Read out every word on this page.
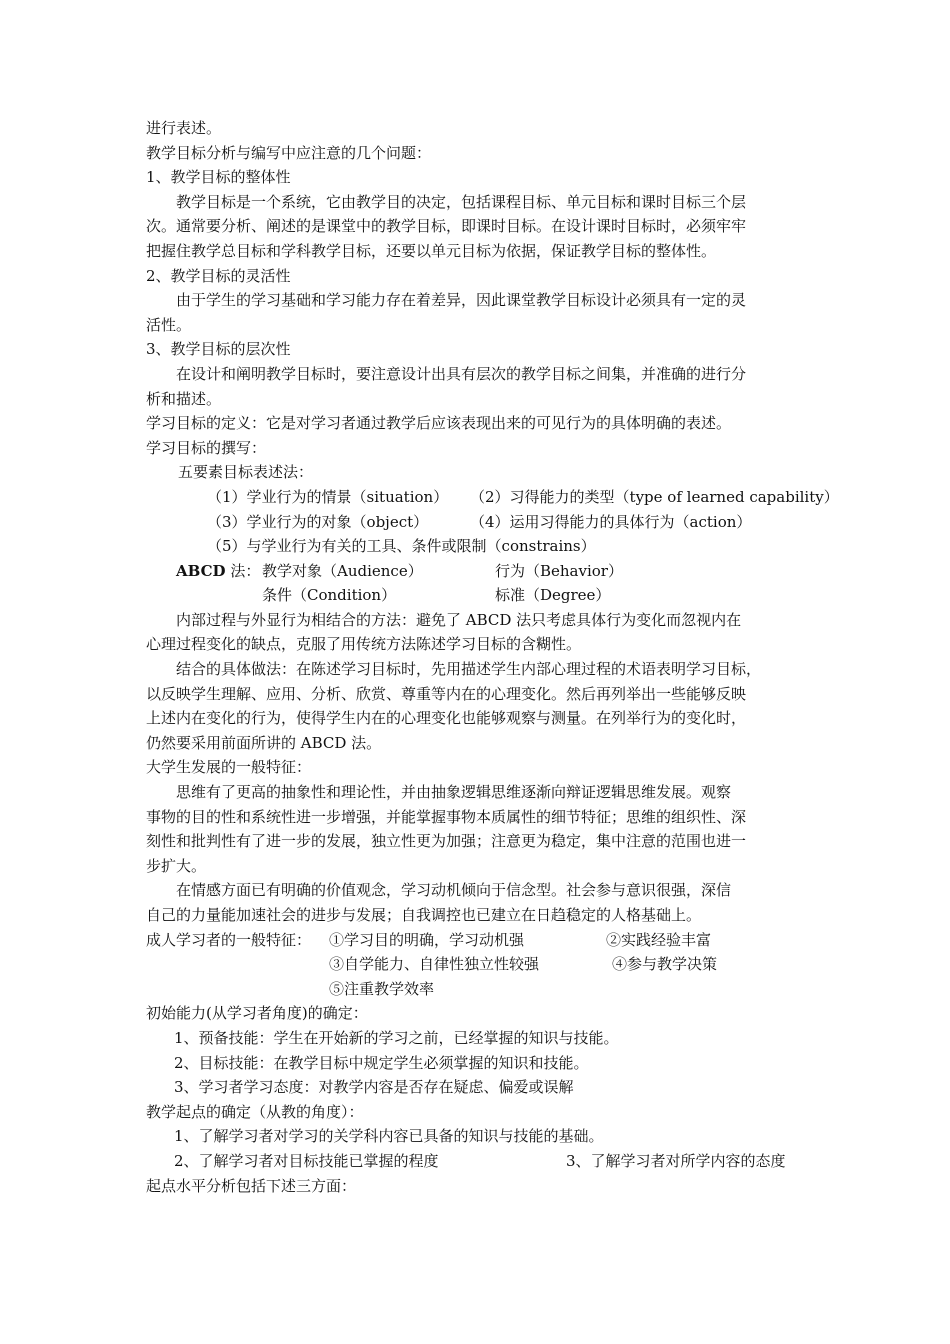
进行表述。
教学目标分析与编写中应注意的几个问题：
1、教学目标的整体性
教学目标是一个系统，它由教学目的决定，包括课程目标、单元目标和课时目标三个层
次。通常要分析、阐述的是课堂中的教学目标，即课时目标。在设计课时目标时，必须牢牢
把握住教学总目标和学科教学目标，还要以单元目标为依据，保证教学目标的整体性。
2、教学目标的灵活性
由于学生的学习基础和学习能力存在着差异，因此课堂教学目标设计必须具有一定的灵
活性。
3、教学目标的层次性
在设计和阐明教学目标时，要注意设计出具有层次的教学目标之间集，并准确的进行分
析和描述。
学习目标的定义：它是对学习者通过教学后应该表现出来的可见行为的具体明确的表述。
学习目标的撰写：
五要素目标表述法：
（1）学业行为的情景（situation） （2）习得能力的类型（type of learned capability）
（3）学业行为的对象（object）	（4）运用习得能力的具体行为（action）
（5）与学业行为有关的工具、条件或限制（constrains）
ABCD 法： 教学对象（Audience）	行为（Behavior）
条件（Condition）	标准（Degree）
内部过程与外显行为相结合的方法：避免了 ABCD 法只考虑具体行为变化而忽视内在
心理过程变化的缺点，克服了用传统方法陈述学习目标的含糊性。
结合的具体做法：在陈述学习目标时，先用描述学生内部心理过程的术语表明学习目标，
以反映学生理解、应用、分析、欣赏、尊重等内在的心理变化。然后再列举出一些能够反映
上述内在变化的行为，使得学生内在的心理变化也能够观察与测量。在列举行为的变化时，
仍然要采用前面所讲的 ABCD 法。
大学生发展的一般特征：
思维有了更高的抽象性和理论性，并由抽象逻辑思维逐渐向辩证逻辑思维发展。观察
事物的目的性和系统性进一步增强，并能掌握事物本质属性的细节特征；思维的组织性、深
刻性和批判性有了进一步的发展，独立性更为加强；注意更为稳定，集中注意的范围也进一
步扩大。
在情感方面已有明确的价值观念，学习动机倾向于信念型。社会参与意识很强，深信
自己的力量能加速社会的进步与发展；自我调控也已建立在日趋稳定的人格基础上。
成人学习者的一般特征： ①学习目的明确，学习动机强	②实践经验丰富
③自学能力、自律性独立性较强	④参与教学决策
⑤注重教学效率
初始能力(从学习者角度)的确定：
1、预备技能：学生在开始新的学习之前，已经掌握的知识与技能。
2、目标技能：在教学目标中规定学生必须掌握的知识和技能。
3、学习者学习态度：对教学内容是否存在疑虑、偏爱或误解
教学起点的确定（从教的角度）：
1、了解学习者对学习的关学科内容已具备的知识与技能的基础。
2、了解学习者对目标技能已掌握的程度	3、了解学习者对所学内容的态度
起点水平分析包括下述三方面：
